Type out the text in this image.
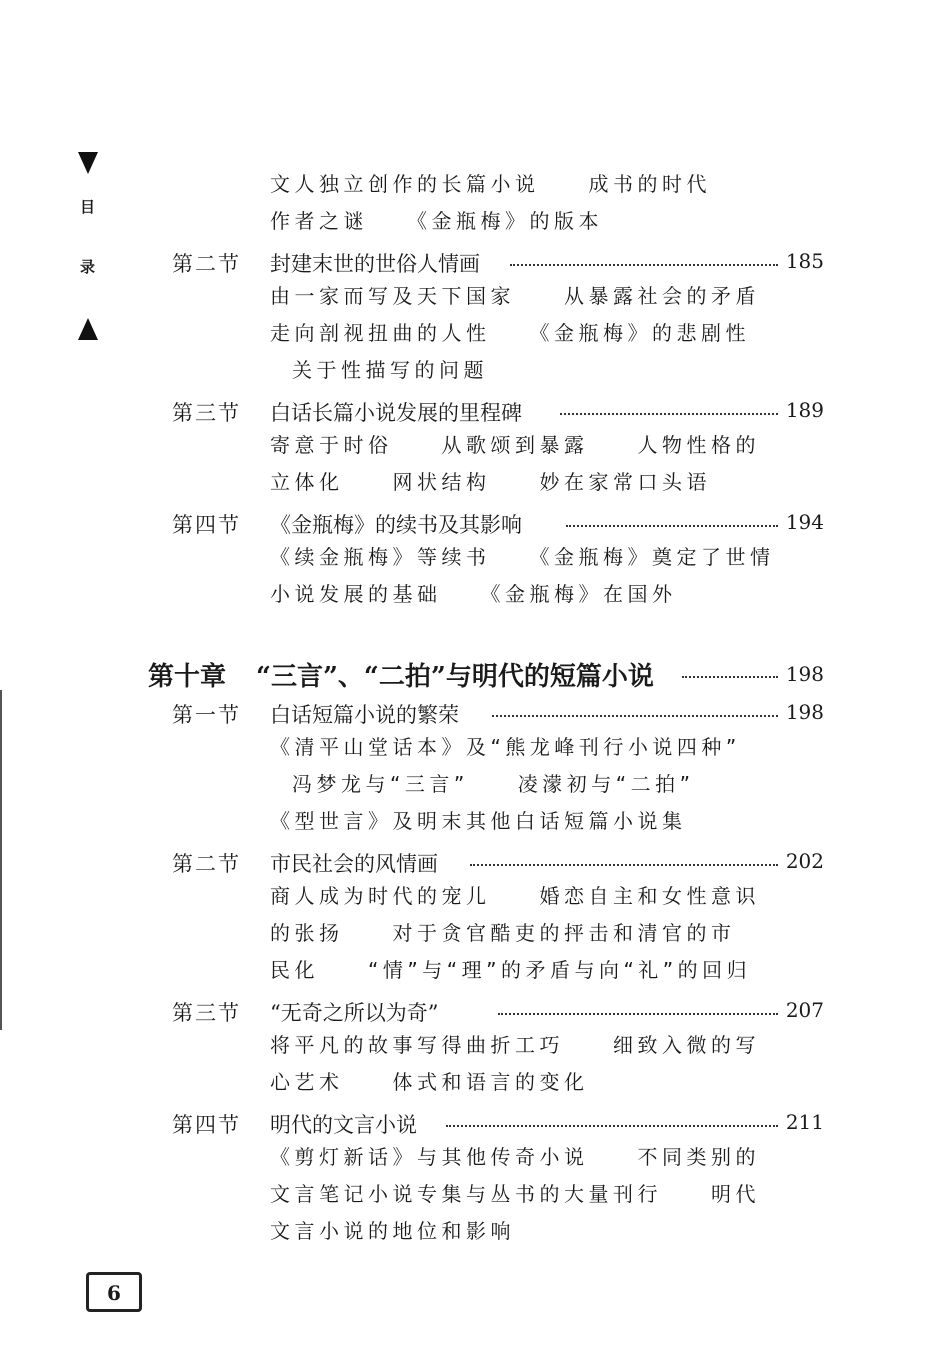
目
录
文人独立创作的长篇小说　　成书的时代
作者之谜　　《金瓶梅》的版本
第二节 封建末世的世俗人情画	185
由一家而写及天下国家　　从暴露社会的矛盾
走向剖视扭曲的人性　　《金瓶梅》的悲剧性
关于性描写的问题
第三节 白话长篇小说发展的里程碑	189
寄意于时俗　　从歌颂到暴露　　人物性格的
立体化　　网状结构　　妙在家常口头语
第四节 《金瓶梅》的续书及其影响	194
《续金瓶梅》等续书　　《金瓶梅》奠定了世情
小说发展的基础　　《金瓶梅》在国外
第十章 “三言”、“二拍”与明代的短篇小说	198
第一节 白话短篇小说的繁荣	198
《清平山堂话本》及“熊龙峰刊行小说四种”
冯梦龙与“三言”　　凌濛初与“二拍”
《型世言》及明末其他白话短篇小说集
第二节 市民社会的风情画	202
商人成为时代的宠儿　　婚恋自主和女性意识
的张扬　　对于贪官酷吏的抨击和清官的市
民化　　“情”与“理”的矛盾与向“礼”的回归
第三节 “无奇之所以为奇”	207
将平凡的故事写得曲折工巧　　细致入微的写
心艺术　　体式和语言的变化
第四节 明代的文言小说	211
《剪灯新话》与其他传奇小说　　不同类别的
文言笔记小说专集与丛书的大量刊行　　明代
文言小说的地位和影响
6
